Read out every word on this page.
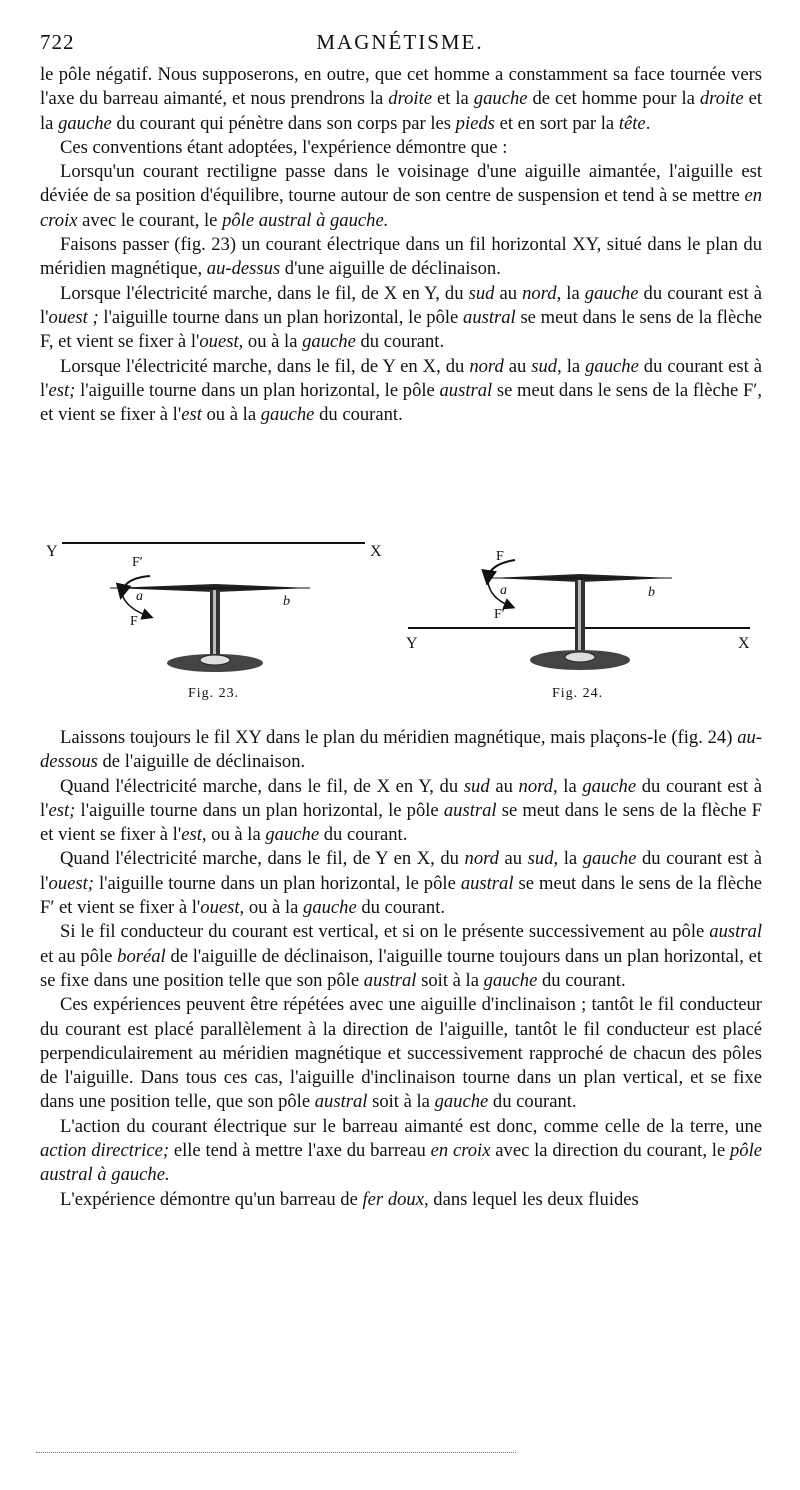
722	MAGNÉTISME.

le pôle négatif. Nous supposerons, en outre, que cet homme a constamment sa face tournée vers l'axe du barreau aimanté, et nous prendrons la droite et la gauche de cet homme pour la droite et la gauche du courant qui pénètre dans son corps par les pieds et en sort par la tête.

Ces conventions étant adoptées, l'expérience démontre que :

Lorsqu'un courant rectiligne passe dans le voisinage d'une aiguille aimantée, l'aiguille est déviée de sa position d'équilibre, tourne autour de son centre de suspension et tend à se mettre en croix avec le courant, le pôle austral à gauche.

Faisons passer (fig. 23) un courant électrique dans un fil horizontal XY, situé dans le plan du méridien magnétique, au-dessus d'une aiguille de déclinaison.

Lorsque l'électricité marche, dans le fil, de X en Y, du sud au nord, la gauche du courant est à l'ouest ; l'aiguille tourne dans un plan horizontal, le pôle austral se meut dans le sens de la flèche F, et vient se fixer à l'ouest, ou à la gauche du courant.

Lorsque l'électricité marche, dans le fil, de Y en X, du nord au sud, la gauche du courant est à l'est; l'aiguille tourne dans un plan horizontal, le pôle austral se meut dans le sens de la flèche F′, et vient se fixer à l'est ou à la gauche du courant.

Y	X
F′
F
a	b
Fig. 23.
F
F′
a	b
Y	X
Fig. 24.

Laissons toujours le fil XY dans le plan du méridien magnétique, mais plaçons-le (fig. 24) au-dessous de l'aiguille de déclinaison.

Quand l'électricité marche, dans le fil, de X en Y, du sud au nord, la gauche du courant est à l'est; l'aiguille tourne dans un plan horizontal, le pôle austral se meut dans le sens de la flèche F et vient se fixer à l'est, ou à la gauche du courant.

Quand l'électricité marche, dans le fil, de Y en X, du nord au sud, la gauche du courant est à l'ouest; l'aiguille tourne dans un plan horizontal, le pôle austral se meut dans le sens de la flèche F′ et vient se fixer à l'ouest, ou à la gauche du courant.

Si le fil conducteur du courant est vertical, et si on le présente successivement au pôle austral et au pôle boréal de l'aiguille de déclinaison, l'aiguille tourne toujours dans un plan horizontal, et se fixe dans une position telle que son pôle austral soit à la gauche du courant.

Ces expériences peuvent être répétées avec une aiguille d'inclinaison ; tantôt le fil conducteur du courant est placé parallèlement à la direction de l'aiguille, tantôt le fil conducteur est placé perpendiculairement au méridien magnétique et successivement rapproché de chacun des pôles de l'aiguille. Dans tous ces cas, l'aiguille d'inclinaison tourne dans un plan vertical, et se fixe dans une position telle, que son pôle austral soit à la gauche du courant.

L'action du courant électrique sur le barreau aimanté est donc, comme celle de la terre, une action directrice; elle tend à mettre l'axe du barreau en croix avec la direction du courant, le pôle austral à gauche.

L'expérience démontre qu'un barreau de fer doux, dans lequel les deux fluides
